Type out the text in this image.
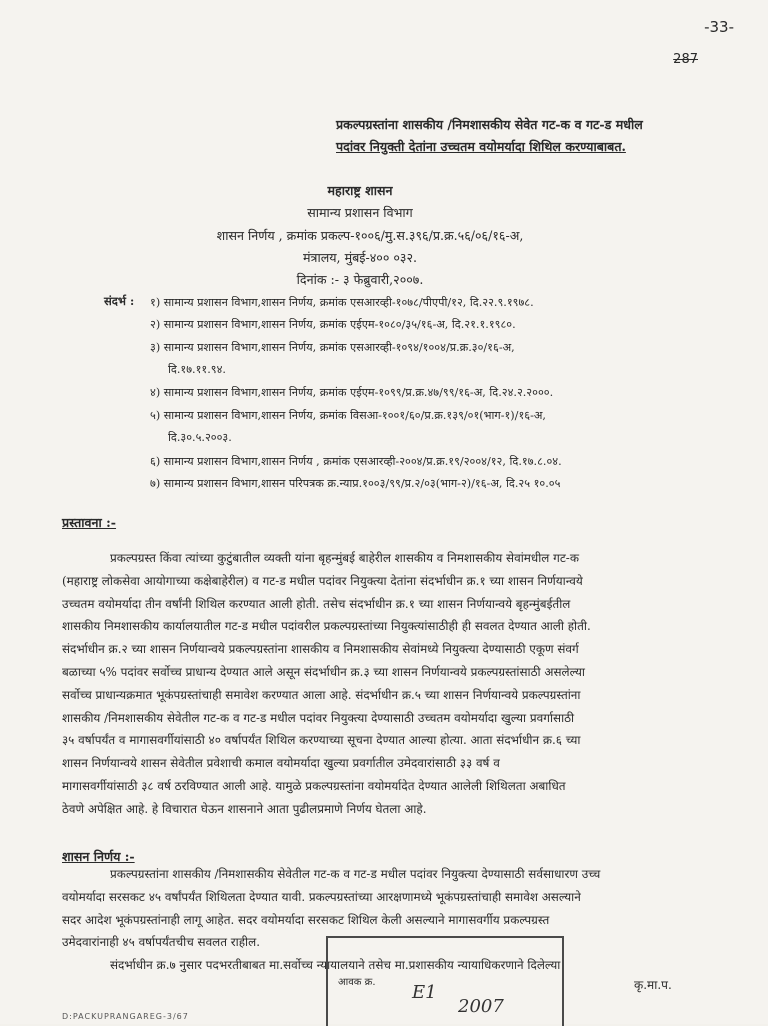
-33-
287
प्रकल्पग्रस्तांना शासकीय /निमशासकीय सेवेत गट-क व गट-ड मधील
पदांवर नियुक्ती देतांना उच्चतम वयोमर्यादा शिथिल करण्याबाबत.
महाराष्ट्र शासन
सामान्य प्रशासन विभाग
शासन निर्णय , क्रमांक प्रकल्प-१००६/मु.स.३९६/प्र.क्र.५६/०६/१६-अ,
मंत्रालय, मुंबई-४०० ०३२.
दिनांक :- ३ फेब्रुवारी,२००७.
संदर्भ : १) सामान्य प्रशासन विभाग,शासन निर्णय, क्रमांक एसआरव्ही-१०७८/पीएपी/१२, दि.२२.९.१९७८.
२) सामान्य प्रशासन विभाग,शासन निर्णय, क्रमांक एईएम-१०८०/३५/१६-अ, दि.२१.१.१९८०.
३) सामान्य प्रशासन विभाग,शासन निर्णय, क्रमांक एसआरव्ही-१०९४/१००४/प्र.क्र.३०/१६-अ,
दि.१७.११.९४.
४) सामान्य प्रशासन विभाग,शासन निर्णय, क्रमांक एईएम-१०९९/प्र.क्र.४७/९९/१६-अ, दि.२४.२.२०००.
५) सामान्य प्रशासन विभाग,शासन निर्णय, क्रमांक विसआ-१००१/६०/प्र.क्र.१३९/०१(भाग-१)/१६-अ,
दि.३०.५.२००३.
६) सामान्य प्रशासन विभाग,शासन निर्णय , क्रमांक एसआरव्ही-२००४/प्र.क्र.१९/२००४/१२, दि.१७.८.०४.
७) सामान्य प्रशासन विभाग,शासन परिपत्रक क्र.न्याप्र.१००३/९९/प्र.२/०३(भाग-२)/१६-अ, दि.२५ १०.०५
प्रस्तावना :-
प्रकल्पग्रस्त किंवा त्यांच्या कुटुंबातील व्यक्ती यांना बृहन्मुंबई बाहेरील शासकीय व निमशासकीय सेवांमधील गट-क
(महाराष्ट्र लोकसेवा आयोगाच्या कक्षेबाहेरील) व गट-ड मधील पदांवर नियुक्त्या देतांना संदर्भाधीन क्र.१ च्या शासन निर्णयान्वये
उच्चतम वयोमर्यादा तीन वर्षांनी शिथिल करण्यात आली होती. तसेच संदर्भाधीन क्र.१ च्या शासन निर्णयान्वये बृहन्मुंबईतील
शासकीय निमशासकीय कार्यालयातील गट-ड मधील पदांवरील प्रकल्पग्रस्तांच्या नियुक्त्यांसाठीही ही सवलत देण्यात आली होती.
संदर्भाधीन क्र.२ च्या शासन निर्णयान्वये प्रकल्पग्रस्तांना शासकीय व निमशासकीय सेवांमध्ये नियुक्त्या देण्यासाठी एकूण संवर्ग
बळाच्या ५% पदांवर सर्वोच्च प्राधान्य देण्यात आले असून संदर्भाधीन क्र.३ च्या शासन निर्णयान्वये प्रकल्पग्रस्तांसाठी असलेल्या
सर्वोच्च प्राधान्यक्रमात भूकंपग्रस्तांचाही समावेश करण्यात आला आहे. संदर्भाधीन क्र.५ च्या शासन निर्णयान्वये प्रकल्पग्रस्तांना
शासकीय /निमशासकीय सेवेतील गट-क व गट-ड मधील पदांवर नियुक्त्या देण्यासाठी उच्चतम वयोमर्यादा खुल्या प्रवर्गासाठी
३५ वर्षापर्यंत व मागासवर्गीयांसाठी ४० वर्षापर्यंत शिथिल करण्याच्या सूचना देण्यात आल्या होत्या. आता संदर्भाधीन क्र.६ च्या
शासन निर्णयान्वये शासन सेवेतील प्रवेशाची कमाल वयोमर्यादा खुल्या प्रवर्गातील उमेदवारांसाठी ३३ वर्ष व
मागासवर्गीयांसाठी ३८ वर्ष ठरविण्यात आली आहे. यामुळे प्रकल्पग्रस्तांना वयोमर्यादेत देण्यात आलेली शिथिलता अबाधित
ठेवणे अपेक्षित आहे. हे विचारात घेऊन शासनाने आता पुढीलप्रमाणे निर्णय घेतला आहे.
शासन निर्णय :-
प्रकल्पग्रस्तांना शासकीय /निमशासकीय सेवेतील गट-क व गट-ड मधील पदांवर नियुक्त्या देण्यासाठी सर्वसाधारण उच्च
वयोमर्यादा सरसकट ४५ वर्षांपर्यंत शिथिलता देण्यात यावी. प्रकल्पग्रस्तांच्या आरक्षणामध्ये भूकंपग्रस्तांचाही समावेश असल्याने
सदर आदेश भूकंपग्रस्तांनाही लागू आहेत. सदर वयोमर्यादा सरसकट शिथिल केली असल्याने मागासवर्गीय प्रकल्पग्रस्त
उमेदवारांनाही ४५ वर्षापर्यंतचीच सवलत राहील.
संदर्भाधीन क्र.७ नुसार पदभरतीबाबत मा.सर्वोच्च न्यायालयाने तसेच मा.प्रशासकीय न्यायाधिकरणाने दिलेल्या
आवक क्र. E1
2007
कृ.मा.प.
D:PACKUPRANGAREG-3/67
